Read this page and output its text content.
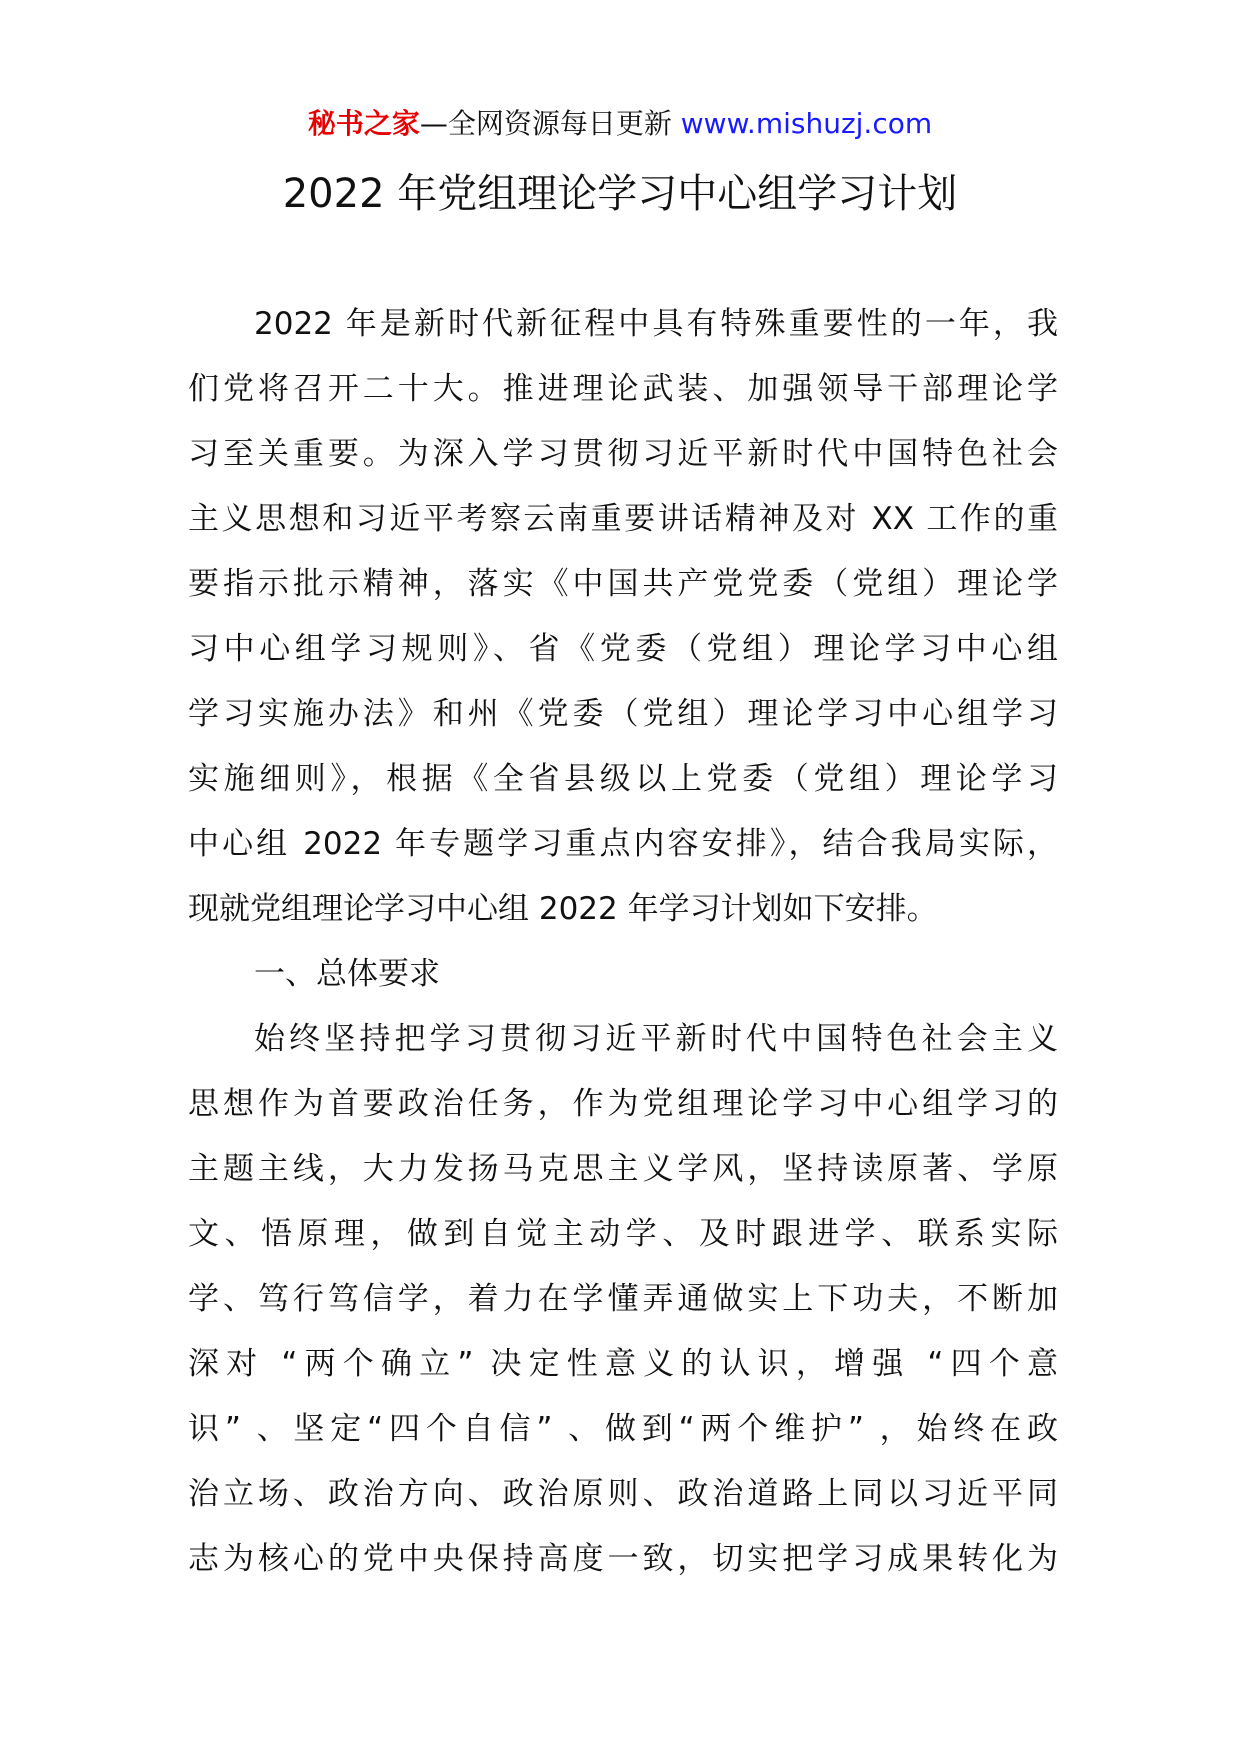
秘书之家—全网资源每日更新 www.mishuzj.com
2022 年党组理论学习中心组学习计划
2022 年是新时代新征程中具有特殊重要性的一年，我
们党将召开二十大。推进理论武装、加强领导干部理论学
习至关重要。为深入学习贯彻习近平新时代中国特色社会
主义思想和习近平考察云南重要讲话精神及对 XX 工作的重
要指示批示精神，落实《中国共产党党委（党组）理论学
习中心组学习规则》、省《党委（党组）理论学习中心组
学习实施办法》和州《党委（党组）理论学习中心组学习
实施细则》，根据《全省县级以上党委（党组）理论学习
中心组 2022 年专题学习重点内容安排》，结合我局实际，
现就党组理论学习中心组 2022 年学习计划如下安排。
一、总体要求
始终坚持把学习贯彻习近平新时代中国特色社会主义
思想作为首要政治任务，作为党组理论学习中心组学习的
主题主线，大力发扬马克思主义学风，坚持读原著、学原
文、悟原理，做到自觉主动学、及时跟进学、联系实际
学、笃行笃信学，着力在学懂弄通做实上下功夫，不断加
深对 “两个确立” 决定性意义的认识，增强 “四个意
识” 、坚定“四个自信” 、做到“两个维护” ，始终在政
治立场、政治方向、政治原则、政治道路上同以习近平同
志为核心的党中央保持高度一致，切实把学习成果转化为
